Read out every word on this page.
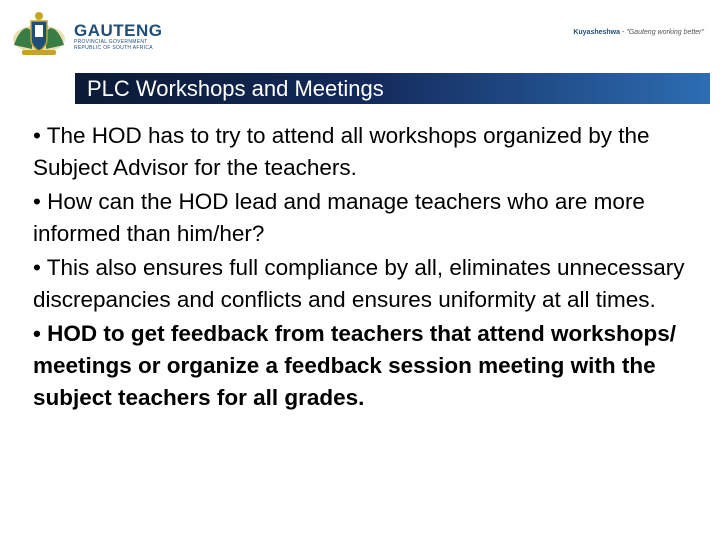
GAUTENG
PROVINCIAL GOVERNMENT
REPUBLIC OF SOUTH AFRICA
Kuyasheshwa - "Gauteng working better"
PLC Workshops and Meetings
• The HOD has to try to attend all workshops organized by the Subject Advisor for the teachers.
• How can the HOD lead and manage teachers who are more informed than him/her?
• This also ensures full compliance by all, eliminates unnecessary discrepancies and conflicts and ensures uniformity at all times.
• HOD to get feedback from teachers that attend workshops/ meetings or organize a feedback session meeting with the subject teachers for all grades.
